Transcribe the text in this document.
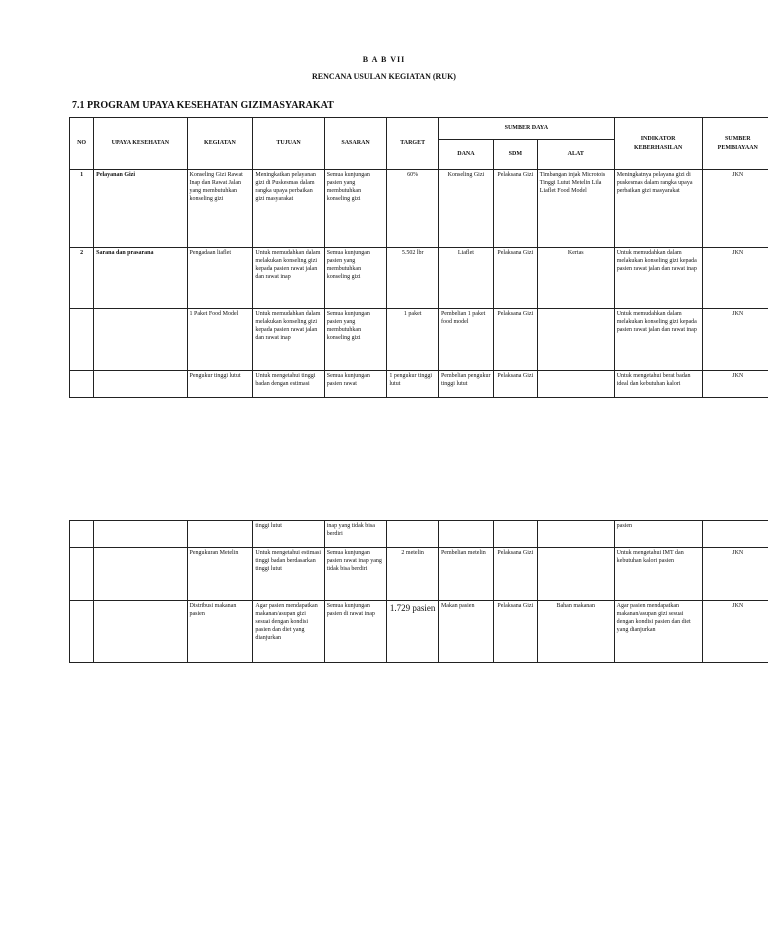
B A B VII
RENCANA USULAN KEGIATAN (RUK)
7.1 PROGRAM UPAYA KESEHATAN GIZIMASYARAKAT
NO	UPAYA KESEHATAN	KEGIATAN	TUJUAN	SASARAN	TARGET	SUMBER DAYA			INDIKATOR KEBERHASILAN	SUMBER PEMBIAYAAN
						DANA	SDM	ALAT		
1	Pelayanan Gizi	Konseling Gizi Rawat Inap dan Rawat Jalan yang membutuhkan konseling gizi	Meningkatkan pelayanan gizi di Puskesmas dalam rangka upaya perbaikan gizi masyarakat	Semua kunjungan pasien yang membutuhkan konseling gizi	60%	Konseling Gizi	Pelaksana Gizi	Timbangan injak Microtois Tinggi Lutut Metelin Lila Liaflet Food Model	Meningkatnya pelayana gizi di puskesmas dalam rangka upaya perbaikan gizi masyarakat	JKN
2	Sarana dan prasarana	Pengadaan liaflet	Untuk memudahkan dalam melakukan konseling gizi kepada pasien rawat jalan dan rawat inap	Semua kunjungan pasien yang membutuhkan konseling gizi	5.502 lbr	Liaflet	Pelaksana Gizi	Kertas	Untuk memudahkan dalam melakukan konseling gizi kepada pasien rawat jalan dan rawat inap	JKN
		1 Paket Food Model	Untuk memudahkan dalam melakukan konseling gizi kepada pasien rawat jalan dan rawat inap	Semua kunjungan pasien yang membutuhkan konseling gizi	1 paket	Pembelian 1 paket food model	Pelaksana Gizi		Untuk memudahkan dalam melakukan konseling gizi kepada pasien rawat jalan dan rawat inap	JKN
		Pengukur tinggi lutut	Untuk mengetahui tinggi badan dengan estimasi	Semua kunjungan pasien rawat	1 pengukur tinggi lutut	Pembelian pengukur tinggi lutut	Pelaksana Gizi		Untuk mengetahui berat badan ideal dan kebutuhan kalori	JKN
			tinggi lutut	inap yang tidak bisa berdiri					pasien	
		Pengukuran Metelin	Untuk mengetahui estimasi tinggi badan berdasarkan tinggi lutut	Semua kunjungan pasien rawat inap yang tidak bisa berdiri	2 metelin	Pembelian metelin	Pelaksana Gizi		Untuk mengetahui IMT dan kebutuhan kalori pasien	JKN
		Distribusi makanan pasien	Agar pasien mendapatkan makanan/asupan gizi sesuai dengan kondisi pasien dan diet yang dianjurkan	Semua kunjungan pasien di rawat inap	1.729 pasien	Makan pasien	Pelaksana Gizi	Bahan makanan	Agar pasien mendapatkan makanan/asupan gizi sesuai dengan kondisi pasien dan diet yang dianjurkan	JKN
